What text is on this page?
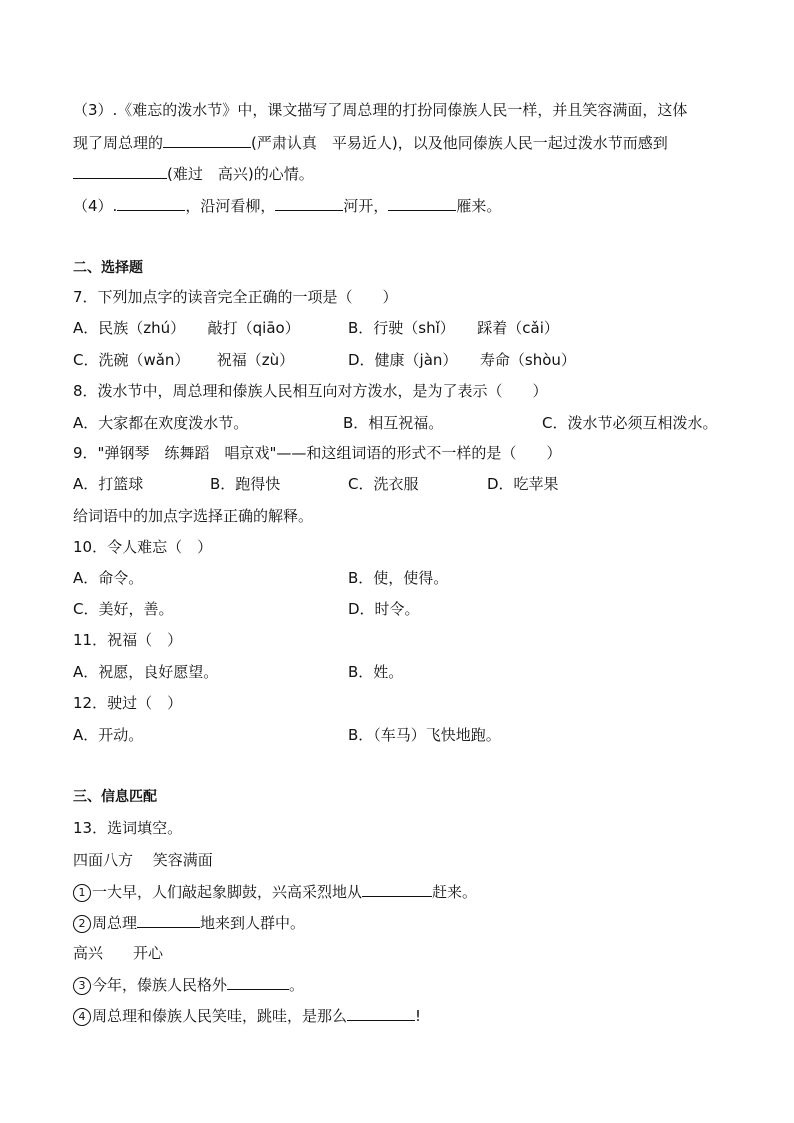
（3）.《难忘的泼水节》中，课文描写了周总理的打扮同傣族人民一样，并且笑容满面，这体
现了周总理的	(严肃认真　平易近人)，以及他同傣族人民一起过泼水节而感到
(难过　高兴)的心情。
（4）.	，沿河看柳，	河开，	雁来。
二、选择题
7．下列加点字的读音完全正确的一项是（　　）
A．民族（zhú）　　敲打（qiāo）	B．行驶（shǐ）　　踩着（cǎi）
C．洗碗（wǎn）　　 祝福（zù）	D．健康（jàn）　　寿命（shòu）
8．泼水节中，周总理和傣族人民相互向对方泼水，是为了表示（　　）
A．大家都在欢度泼水节。	B．相互祝福。	C．泼水节必须互相泼水。
9．"弹钢琴　练舞蹈　唱京戏"——和这组词语的形式不一样的是（　　）
A．打篮球	B．跑得快	C．洗衣服	D．吃苹果
给词语中的加点字选择正确的解释。
10．令人难忘（　）
A．命令。	B．使，使得。
C．美好，善。	D．时令。
11．祝福（　）
A．祝愿，良好愿望。	B．姓。
12．驶过（　）
A．开动。	B．（车马）飞快地跑。
三、信息匹配
13．选词填空。
四面八方　 笑容满面
1 一大早，人们敲起象脚鼓，兴高采烈地从	赶来。
2 周总理	地来到人群中。
高兴　　开心
3 今年，傣族人民格外	。
4 周总理和傣族人民笑哇，跳哇，是那么	!
